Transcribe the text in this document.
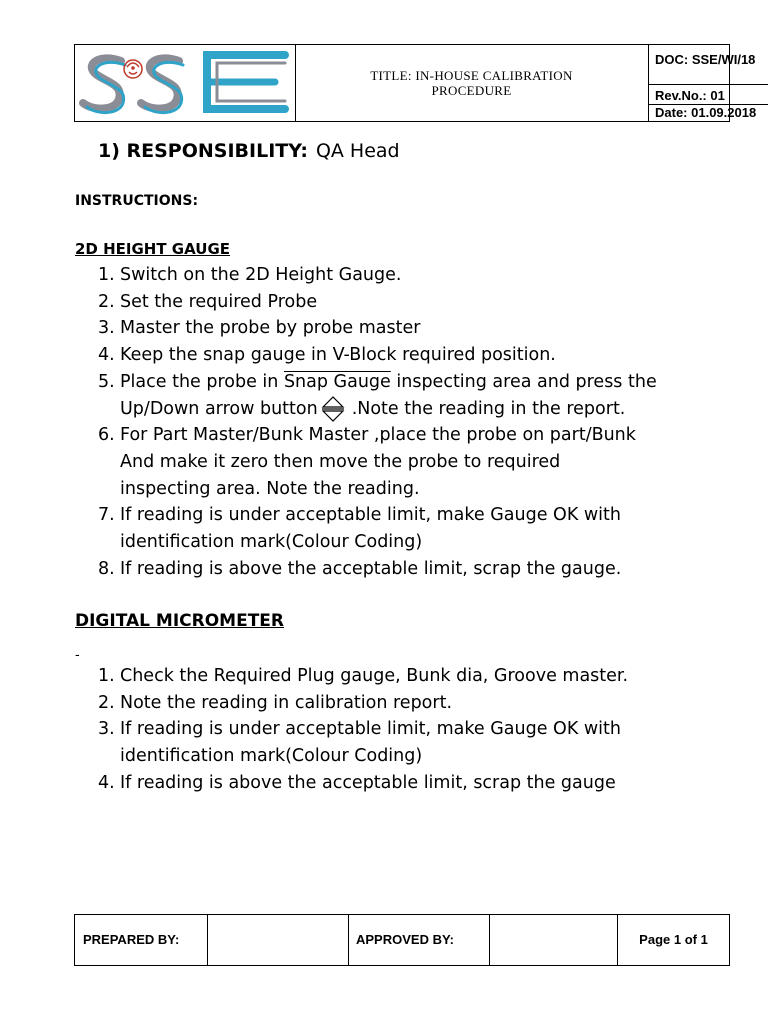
TITLE: IN-HOUSE CALIBRATION
PROCEDURE
DOC: SSE/WI/18
Rev.No.: 01
Date: 01.09.2018
1) RESPONSIBILITY: QA Head
INSTRUCTIONS:
2D HEIGHT GAUGE
1. Switch on the 2D Height Gauge.
2. Set the required Probe
3. Master the probe by probe master
4. Keep the snap gauge in V-Block required position.
5. Place the probe in Snap Gauge inspecting area and press the
Up/Down arrow button .Note the reading in the report.
6. For Part Master/Bunk Master ,place the probe on part/Bunk
And make it zero then move the probe to required
inspecting area. Note the reading.
7. If reading is under acceptable limit, make Gauge OK with
identification mark(Colour Coding)
8. If reading is above the acceptable limit, scrap the gauge.
DIGITAL MICROMETER
-
1. Check the Required Plug gauge, Bunk dia, Groove master.
2. Note the reading in calibration report.
3. If reading is under acceptable limit, make Gauge OK with
identification mark(Colour Coding)
4. If reading is above the acceptable limit, scrap the gauge
PREPARED BY:	APPROVED BY:	Page 1 of 1
